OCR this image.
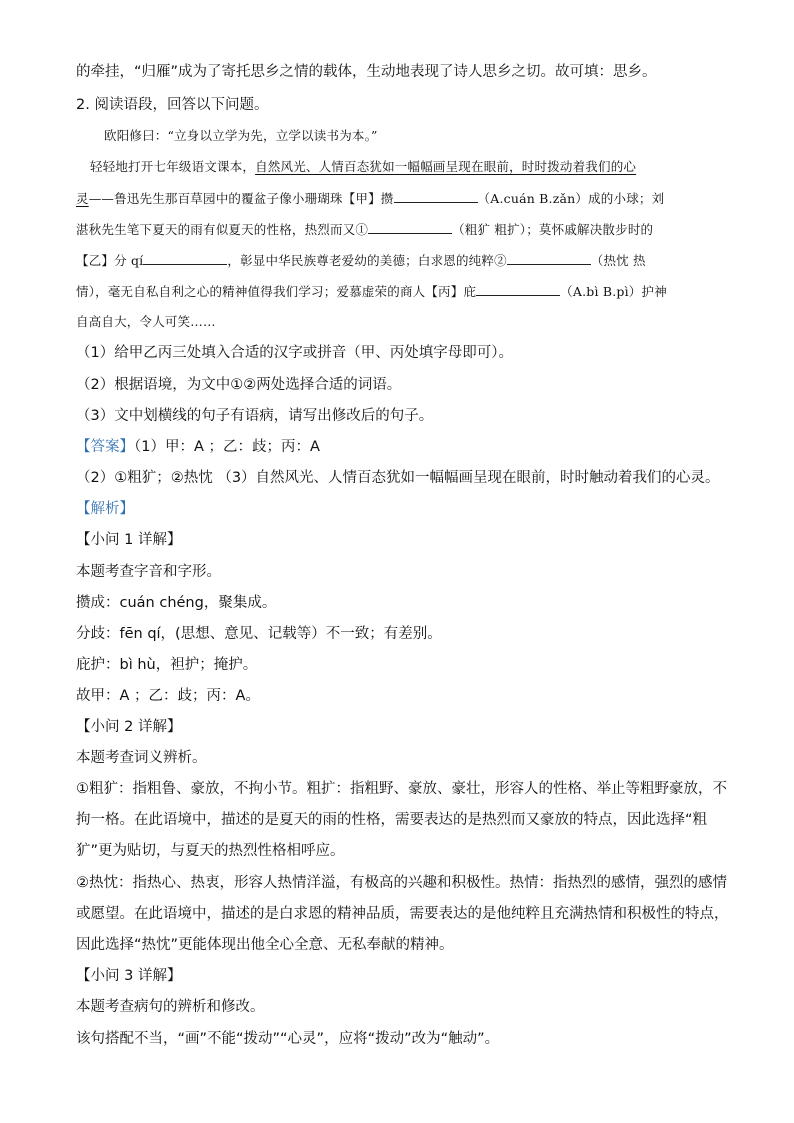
的牵挂，“归雁”成为了寄托思乡之情的载体，生动地表现了诗人思乡之切。故可填：思乡。
2. 阅读语段，回答以下问题。
欧阳修曰：“立身以立学为先，立学以读书为本。”
轻轻地打开七年级语文课本，自然风光、人情百态犹如一幅幅画呈现在眼前，时时拨动着我们的心
灵——鲁迅先生那百草园中的覆盆子像小珊瑚珠【甲】攒	（A.cuán B.zǎn）成的小球；刘
湛秋先生笔下夏天的雨有似夏天的性格，热烈而又①	（粗犷 粗扩）；莫怀戚解决散步时的
【乙】分 qí	，彰显中华民族尊老爱幼的美德；白求恩的纯粹②	（热忱 热
情），毫无自私自利之心的精神值得我们学习；爱慕虚荣的商人【丙】庇	（A.bì B.pì）护神
自高自大，令人可笑……
（1）给甲乙丙三处填入合适的汉字或拼音（甲、丙处填字母即可）。
（2）根据语境，为文中①②两处选择合适的词语。
（3）文中划横线的句子有语病，请写出修改后的句子。
【答案】（1）甲：A ；乙：歧；丙：A
（2）①粗犷；②热忱 （3）自然风光、人情百态犹如一幅幅画呈现在眼前，时时触动着我们的心灵。
【解析】
【小问 1 详解】
本题考查字音和字形。
攒成：cuán chéng，聚集成。
分歧：fēn qí，(思想、意见、记载等）不一致；有差别。
庇护：bì hù，袒护；掩护。
故甲：A ；乙：歧；丙：A。
【小问 2 详解】
本题考查词义辨析。
①粗犷：指粗鲁、豪放，不拘小节。粗扩：指粗野、豪放、豪壮，形容人的性格、举止等粗野豪放，不
拘一格。在此语境中，描述的是夏天的雨的性格，需要表达的是热烈而又豪放的特点，因此选择“粗
犷”更为贴切，与夏天的热烈性格相呼应。
②热忱：指热心、热衷，形容人热情洋溢，有极高的兴趣和积极性。热情：指热烈的感情，强烈的感情
或愿望。在此语境中，描述的是白求恩的精神品质，需要表达的是他纯粹且充满热情和积极性的特点，
因此选择“热忱”更能体现出他全心全意、无私奉献的精神。
【小问 3 详解】
本题考查病句的辨析和修改。
该句搭配不当，“画”不能“拨动”“心灵”，应将“拨动”改为“触动”。
